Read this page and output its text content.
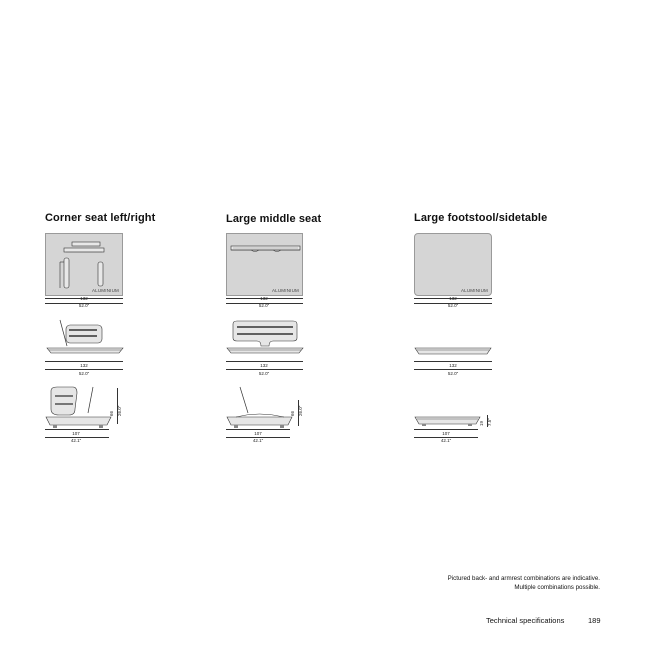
Corner seat left/right
ALUMINIUM
132
52.0"
132
52.0"
66 26.0"
107
42.1"
Large middle seat
ALUMINIUM
132
52.0"
132
52.0"
66 26.0"
107
42.1"
Large footstool/sidetable
ALUMINIUM
132
52.0"
132
52.0"
19 7.5"
107
42.1"
Pictured back- and armrest combinations are indicative.
Multiple combinations possible.
Technical specifications	189
